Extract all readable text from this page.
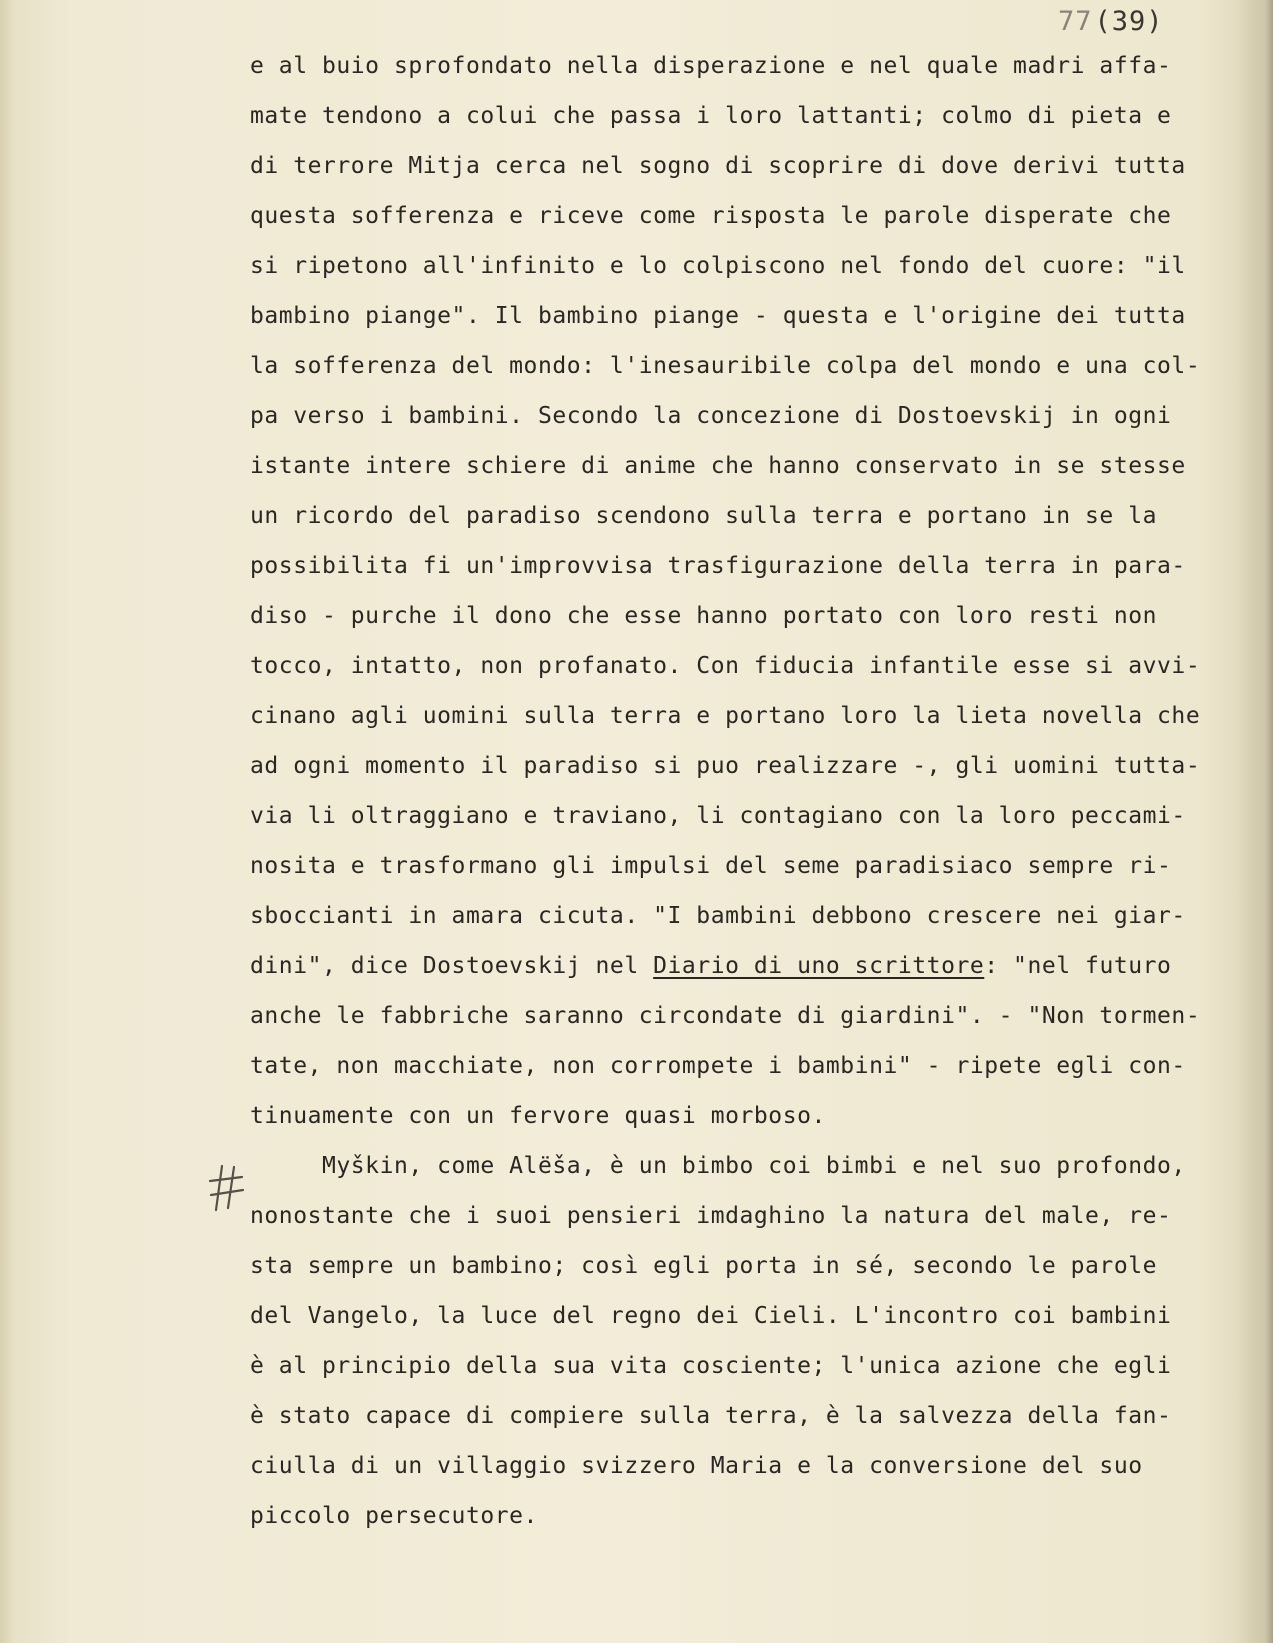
77(39)
e al buio sprofondato nella disperazione e nel quale madri affa-
mate tendono a colui che passa i loro lattanti; colmo di pieta e
di terrore Mitja cerca nel sogno di scoprire di dove derivi tutta
questa sofferenza e riceve come risposta le parole disperate che
si ripetono all'infinito e lo colpiscono nel fondo del cuore: "il
bambino piange". Il bambino piange - questa e l'origine dei tutta
la sofferenza del mondo: l'inesauribile colpa del mondo e una col-
pa verso i bambini. Secondo la concezione di Dostoevskij in ogni
istante intere schiere di anime che hanno conservato in se stesse
un ricordo del paradiso scendono sulla terra e portano in se la
possibilita fi un'improvvisa trasfigurazione della terra in para-
diso - purche il dono che esse hanno portato con loro resti non
tocco, intatto, non profanato. Con fiducia infantile esse si avvi-
cinano agli uomini sulla terra e portano loro la lieta novella che
ad ogni momento il paradiso si puo realizzare -, gli uomini tutta-
via li oltraggiano e traviano, li contagiano con la loro peccami-
nosita e trasformano gli impulsi del seme paradisiaco sempre ri-
sboccianti in amara cicuta. "I bambini debbono crescere nei giar-
dini", dice Dostoevskij nel Diario di uno scrittore: "nel futuro
anche le fabbriche saranno circondate di giardini". - "Non tormen-
tate, non macchiate, non corrompete i bambini" - ripete egli con-
tinuamente con un fervore quasi morboso.
Myškin, come Alёša, è un bimbo coi bimbi e nel suo profondo,
nonostante che i suoi pensieri imdaghino la natura del male, re-
sta sempre un bambino; così egli porta in sé, secondo le parole
del Vangelo, la luce del regno dei Cieli. L'incontro coi bambini
è al principio della sua vita cosciente; l'unica azione che egli
è stato capace di compiere sulla terra, è la salvezza della fan-
ciulla di un villaggio svizzero Maria e la conversione del suo
piccolo persecutore.
